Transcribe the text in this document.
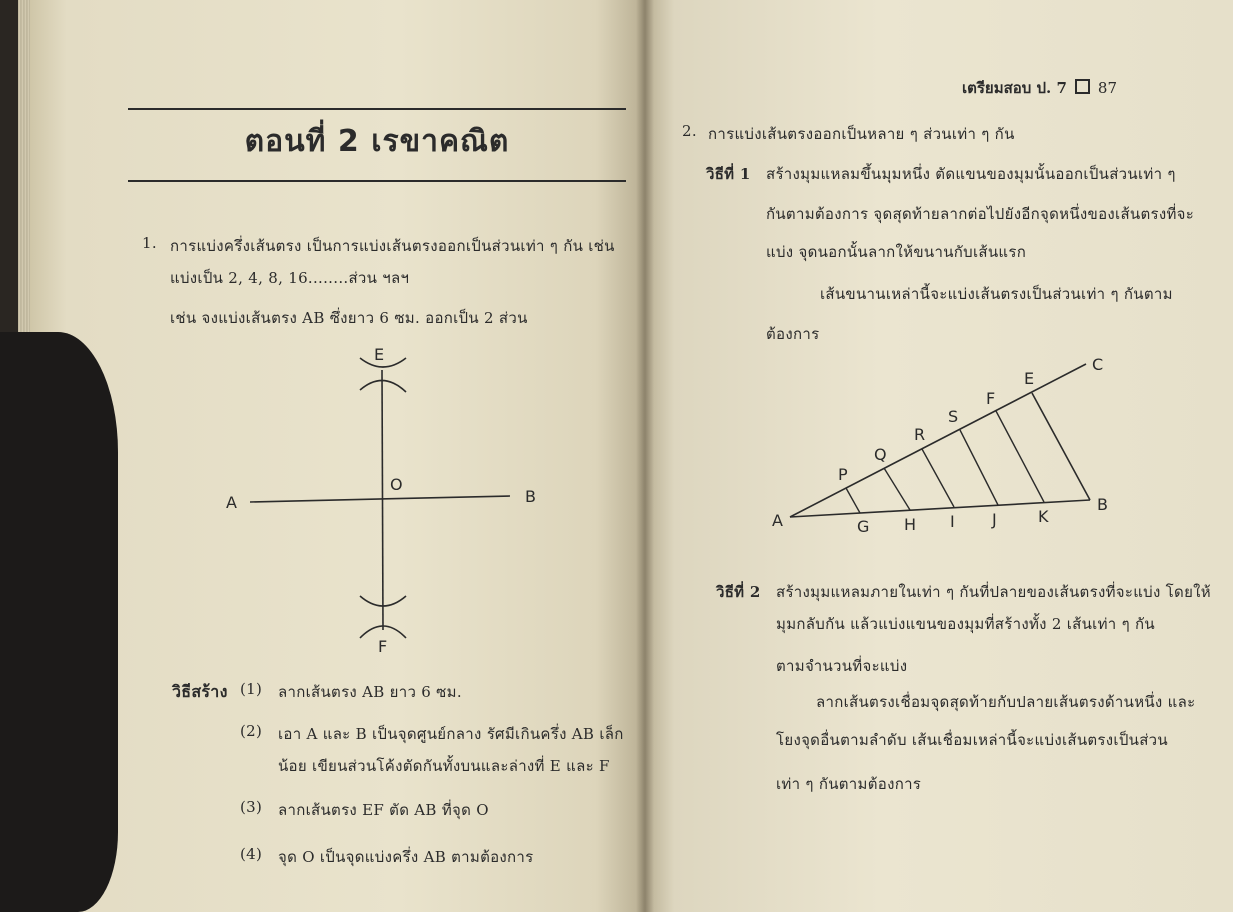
ตอนที่ 2 เรขาคณิต
1. การแบ่งครึ่งเส้นตรง เป็นการแบ่งเส้นตรงออกเป็นส่วนเท่า ๆ กัน เช่น
แบ่งเป็น 2, 4, 8, 16........ส่วน ฯลฯ
เช่น จงแบ่งเส้นตรง AB ซึ่งยาว 6 ซม. ออกเป็น 2 ส่วน
A	B
E
F
O
วิธีสร้าง (1) ลากเส้นตรง AB ยาว 6 ซม.
(2) เอา A และ B เป็นจุดศูนย์กลาง รัศมีเกินครึ่ง AB เล็ก
น้อย เขียนส่วนโค้งตัดกันทั้งบนและล่างที่ E และ F
(3) ลากเส้นตรง EF ตัด AB ที่จุด O
(4) จุด O เป็นจุดแบ่งครึ่ง AB ตามต้องการ
เตรียมสอบ ป. 7 87
2. การแบ่งเส้นตรงออกเป็นหลาย ๆ ส่วนเท่า ๆ กัน
วิธีที่ 1 สร้างมุมแหลมขึ้นมุมหนึ่ง ตัดแขนของมุมนั้นออกเป็นส่วนเท่า ๆ
กันตามต้องการ จุดสุดท้ายลากต่อไปยังอีกจุดหนึ่งของเส้นตรงที่จะ
แบ่ง จุดนอกนั้นลากให้ขนานกับเส้นแรก
เส้นขนานเหล่านี้จะแบ่งเส้นตรงเป็นส่วนเท่า ๆ กันตาม
ต้องการ
A
B
C
P
Q
R
S
F
E
G H I J	K
วิธีที่ 2 สร้างมุมแหลมภายในเท่า ๆ กันที่ปลายของเส้นตรงที่จะแบ่ง โดยให้
มุมกลับกัน แล้วแบ่งแขนของมุมที่สร้างทั้ง 2 เส้นเท่า ๆ กัน
ตามจำนวนที่จะแบ่ง
ลากเส้นตรงเชื่อมจุดสุดท้ายกับปลายเส้นตรงด้านหนึ่ง และ
โยงจุดอื่นตามลำดับ เส้นเชื่อมเหล่านี้จะแบ่งเส้นตรงเป็นส่วน
เท่า ๆ กันตามต้องการ
